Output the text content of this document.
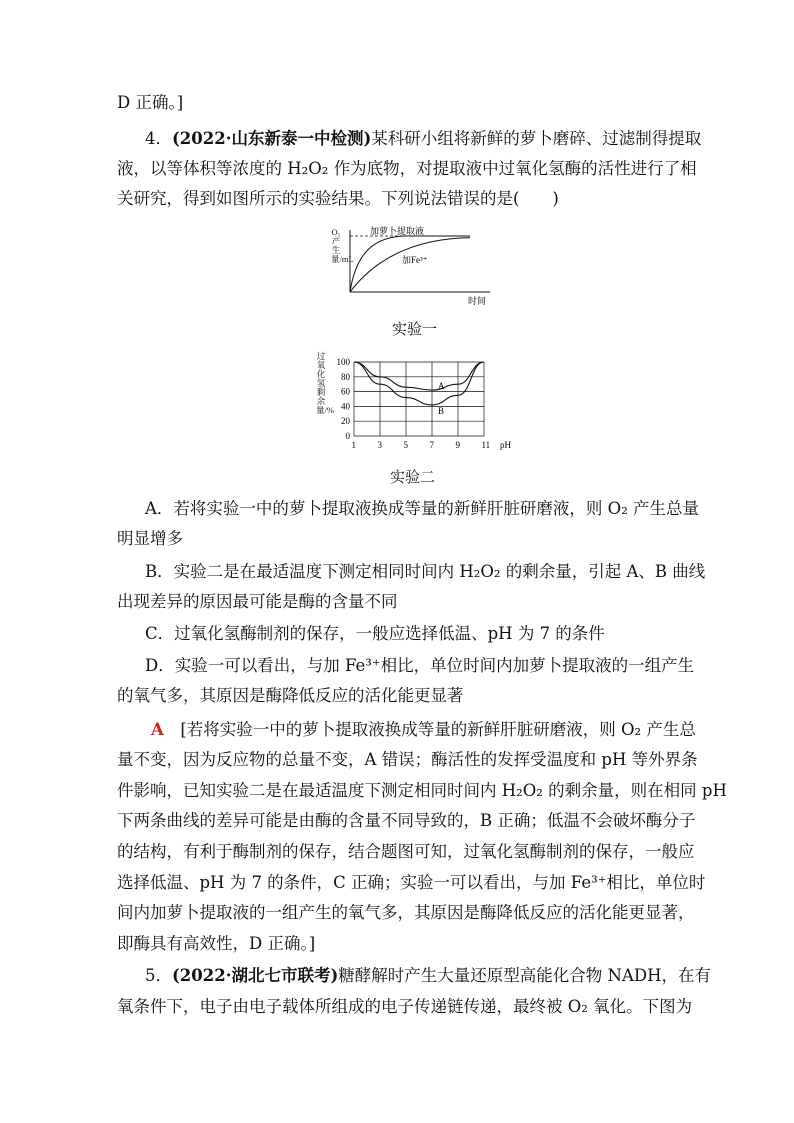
D 正确。]
4．(2022·山东新泰一中检测)某科研小组将新鲜的萝卜磨碎、过滤制得提取
液，以等体积等浓度的 H₂O₂ 作为底物，对提取液中过氧化氢酶的活性进行了相
关研究，得到如图所示的实验结果。下列说法错误的是(　　)
加萝卜提取液
加Fe³⁺
时间
O₂产生量/mL
实验一
1 3 5 7 9 11
0
20
40
60
80
100
A
B
pH
过氧化氢剩余量/%
实验二
A．若将实验一中的萝卜提取液换成等量的新鲜肝脏研磨液，则 O₂ 产生总量
明显增多
B．实验二是在最适温度下测定相同时间内 H₂O₂ 的剩余量，引起 A、B 曲线
出现差异的原因最可能是酶的含量不同
C．过氧化氢酶制剂的保存，一般应选择低温、pH 为 7 的条件
D．实验一可以看出，与加 Fe³⁺相比，单位时间内加萝卜提取液的一组产生
的氧气多，其原因是酶降低反应的活化能更显著
A　 [若将实验一中的萝卜提取液换成等量的新鲜肝脏研磨液，则 O₂ 产生总
量不变，因为反应物的总量不变，A 错误；酶活性的发挥受温度和 pH 等外界条
件影响，已知实验二是在最适温度下测定相同时间内 H₂O₂ 的剩余量，则在相同 pH
下两条曲线的差异可能是由酶的含量不同导致的，B 正确；低温不会破坏酶分子
的结构，有利于酶制剂的保存，结合题图可知，过氧化氢酶制剂的保存，一般应
选择低温、pH 为 7 的条件，C 正确；实验一可以看出，与加 Fe³⁺相比，单位时
间内加萝卜提取液的一组产生的氧气多，其原因是酶降低反应的活化能更显著，
即酶具有高效性，D 正确。]
5．(2022·湖北七市联考)糖酵解时产生大量还原型高能化合物 NADH，在有
氧条件下，电子由电子载体所组成的电子传递链传递，最终被 O₂ 氧化。下图为
